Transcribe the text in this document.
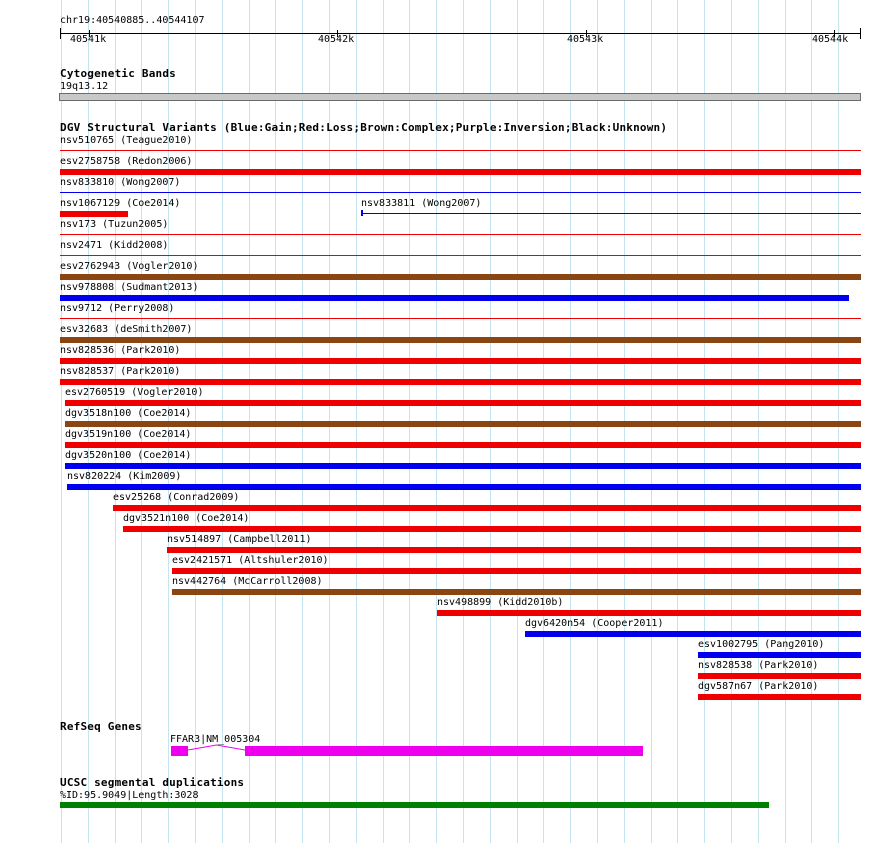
chr19:40540885..40544107
40541k	40542k	40543k	40544k
Cytogenetic Bands
19q13.12
DGV Structural Variants (Blue:Gain;Red:Loss;Brown:Complex;Purple:Inversion;Black:Unknown)
nsv510765 (Teague2010)
esv2758758 (Redon2006)
nsv833810 (Wong2007)
nsv1067129 (Coe2014)	nsv833811 (Wong2007)
nsv173 (Tuzun2005)
nsv2471 (Kidd2008)
esv2762943 (Vogler2010)
nsv978808 (Sudmant2013)
nsv9712 (Perry2008)
esv32683 (deSmith2007)
nsv828536 (Park2010)
nsv828537 (Park2010)
esv2760519 (Vogler2010)
dgv3518n100 (Coe2014)
dgv3519n100 (Coe2014)
dgv3520n100 (Coe2014)
nsv820224 (Kim2009)
esv25268 (Conrad2009)
dgv3521n100 (Coe2014)
nsv514897 (Campbell2011)
esv2421571 (Altshuler2010)
nsv442764 (McCarroll2008)
nsv498899 (Kidd2010b)
dgv6420n54 (Cooper2011)
esv1002795 (Pang2010)
nsv828538 (Park2010)
dgv587n67 (Park2010)
RefSeq Genes
FFAR3|NM_005304
UCSC segmental duplications
%ID:95.9049|Length:3028
